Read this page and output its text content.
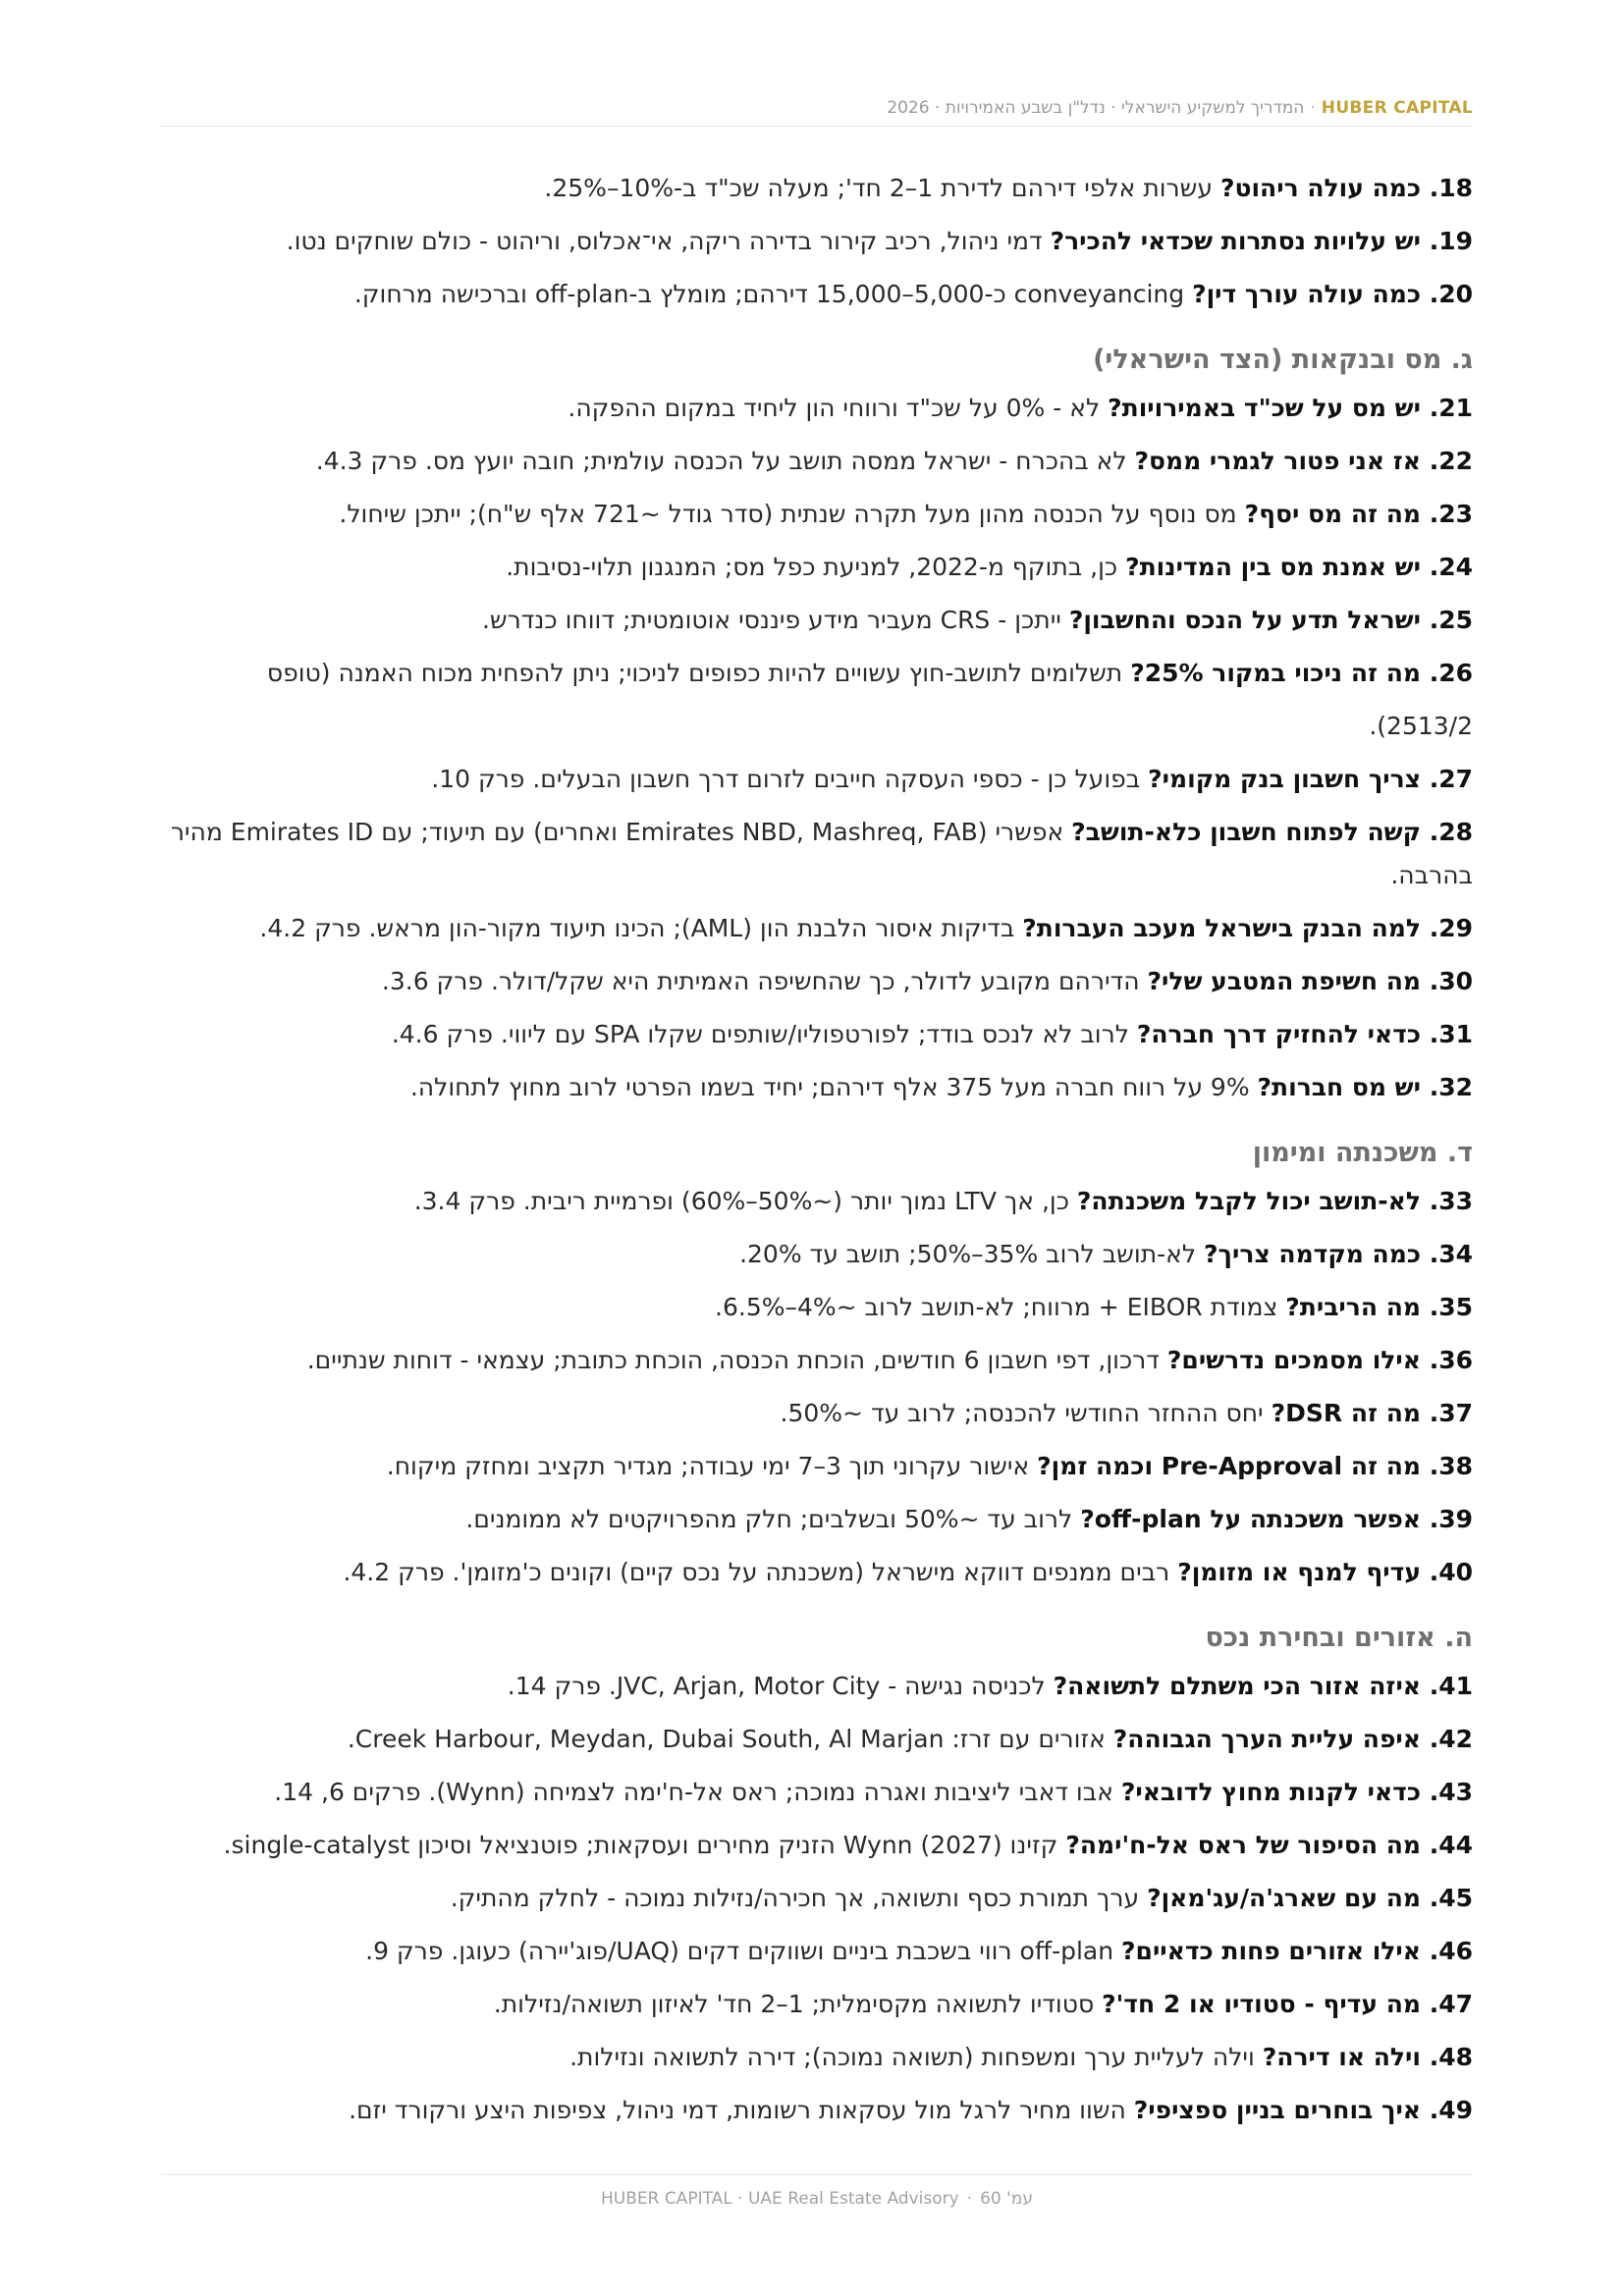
HUBER CAPITAL·המדריך למשקיע הישראלי · נדל"ן בשבע האמירויות · 2026
18. כמה עולה ריהוט? עשרות אלפי דירהם לדירת 1–2 חד'; מעלה שכ"ד ב-10%–25%.
19. יש עלויות נסתרות שכדאי להכיר? דמי ניהול, רכיב קירור בדירה ריקה, אי־אכלוס, וריהוט - כולם שוחקים נטו.
20. כמה עולה עורך דין? conveyancing כ-5,000–15,000 דירהם; מומלץ ב-off-plan וברכישה מרחוק.
ג. מס ובנקאות (הצד הישראלי)
21. יש מס על שכ"ד באמירויות? לא - 0% על שכ"ד ורווחי הון ליחיד במקום ההפקה.
22. אז אני פטור לגמרי ממס? לא בהכרח - ישראל ממסה תושב על הכנסה עולמית; חובה יועץ מס. פרק 4.3.
23. מה זה מס יסף? מס נוסף על הכנסה מהון מעל תקרה שנתית (סדר גודל ~721 אלף ש"ח); ייתכן שיחול.
24. יש אמנת מס בין המדינות? כן, בתוקף מ-2022, למניעת כפל מס; המנגנון תלוי-נסיבות.
25. ישראל תדע על הנכס והחשבון? ייתכן - CRS מעביר מידע פיננסי אוטומטית; דווחו כנדרש.
26. מה זה ניכוי במקור 25%? תשלומים לתושב-חוץ עשויים להיות כפופים לניכוי; ניתן להפחית מכוח האמנה (טופס 2513/2).
27. צריך חשבון בנק מקומי? בפועל כן - כספי העסקה חייבים לזרום דרך חשבון הבעלים. פרק 10.
28. קשה לפתוח חשבון כלא-תושב? אפשרי (Emirates NBD, Mashreq, FAB ואחרים) עם תיעוד; עם Emirates ID מהיר בהרבה.
29. למה הבנק בישראל מעכב העברות? בדיקות איסור הלבנת הון (AML); הכינו תיעוד מקור-הון מראש. פרק 4.2.
30. מה חשיפת המטבע שלי? הדירהם מקובע לדולר, כך שהחשיפה האמיתית היא שקל/דולר. פרק 3.6.
31. כדאי להחזיק דרך חברה? לרוב לא לנכס בודד; לפורטפוליו/שותפים שקלו SPA עם ליווי. פרק 4.6.
32. יש מס חברות? 9% על רווח חברה מעל 375 אלף דירהם; יחיד בשמו הפרטי לרוב מחוץ לתחולה.
ד. משכנתה ומימון
33. לא-תושב יכול לקבל משכנתה? כן, אך LTV נמוך יותר (~50%–60%) ופרמיית ריבית. פרק 3.4.
34. כמה מקדמה צריך? לא-תושב לרוב 35%–50%; תושב עד 20%.
35. מה הריבית? צמודת EIBOR + מרווח; לא-תושב לרוב ~4%–6.5%.
36. אילו מסמכים נדרשים? דרכון, דפי חשבון 6 חודשים, הוכחת הכנסה, הוכחת כתובת; עצמאי - דוחות שנתיים.
37. מה זה DSR? יחס ההחזר החודשי להכנסה; לרוב עד ~50%.
38. מה זה Pre-Approval וכמה זמן? אישור עקרוני תוך 3–7 ימי עבודה; מגדיר תקציב ומחזק מיקוח.
39. אפשר משכנתה על off-plan? לרוב עד ~50% ובשלבים; חלק מהפרויקטים לא ממומנים.
40. עדיף למנף או מזומן? רבים ממנפים דווקא מישראל (משכנתה על נכס קיים) וקונים כ'מזומן'. פרק 4.2.
ה. אזורים ובחירת נכס
41. איזה אזור הכי משתלם לתשואה? לכניסה נגישה - JVC, Arjan, Motor City. פרק 14.
42. איפה עליית הערך הגבוהה? אזורים עם זרז: Creek Harbour, Meydan, Dubai South, Al Marjan.
43. כדאי לקנות מחוץ לדובאי? אבו דאבי ליציבות ואגרה נמוכה; ראס אל-ח'ימה לצמיחה (Wynn). פרקים 6, 14.
44. מה הסיפור של ראס אל-ח'ימה? קזינו Wynn (2027) הזניק מחירים ועסקאות; פוטנציאל וסיכון single-catalyst.
45. מה עם שארג'ה/עג'מאן? ערך תמורת כסף ותשואה, אך חכירה/נזילות נמוכה - לחלק מהתיק.
46. אילו אזורים פחות כדאיים? off-plan רווי בשכבת ביניים ושווקים דקים (UAQ/פוג'יירה) כעוגן. פרק 9.
47. מה עדיף - סטודיו או 2 חד'? סטודיו לתשואה מקסימלית; 1–2 חד' לאיזון תשואה/נזילות.
48. וילה או דירה? וילה לעליית ערך ומשפחות (תשואה נמוכה); דירה לתשואה ונזילות.
49. איך בוחרים בניין ספציפי? השוו מחיר לרגל מול עסקאות רשומות, דמי ניהול, צפיפות היצע ורקורד יזם.
עמ' 60·HUBER CAPITAL · UAE Real Estate Advisory
